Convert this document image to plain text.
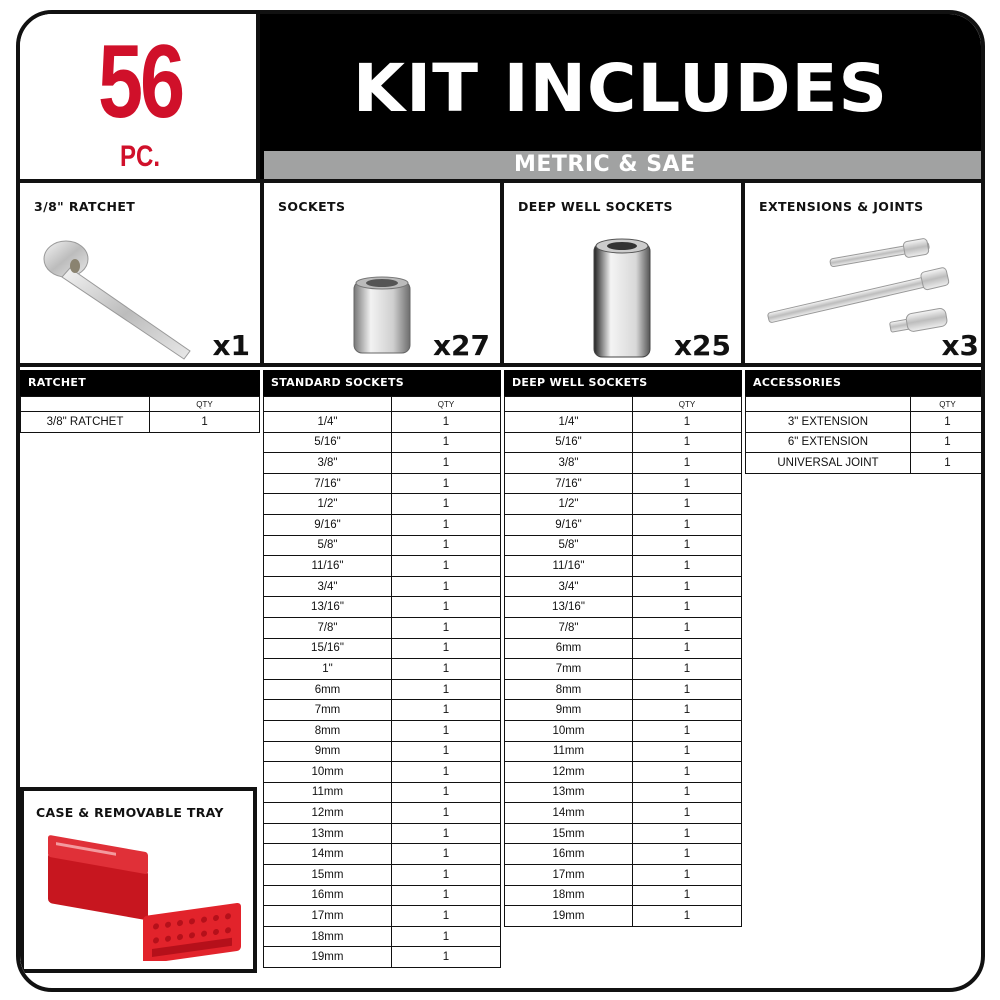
56
PC.
KIT INCLUDES
METRIC & SAE
3/8" RATCHET
x1
SOCKETS
x27
DEEP WELL SOCKETS
x25
EXTENSIONS & JOINTS
x3
RATCHET
	QTY
3/8" RATCHET	1
STANDARD SOCKETS
	QTY
1/4"	1
5/16"	1
3/8"	1
7/16"	1
1/2"	1
9/16"	1
5/8"	1
11/16"	1
3/4"	1
13/16"	1
7/8"	1
15/16"	1
1"	1
6mm	1
7mm	1
8mm	1
9mm	1
10mm	1
11mm	1
12mm	1
13mm	1
14mm	1
15mm	1
16mm	1
17mm	1
18mm	1
19mm	1
DEEP WELL SOCKETS
	QTY
1/4"	1
5/16"	1
3/8"	1
7/16"	1
1/2"	1
9/16"	1
5/8"	1
11/16"	1
3/4"	1
13/16"	1
7/8"	1
6mm	1
7mm	1
8mm	1
9mm	1
10mm	1
11mm	1
12mm	1
13mm	1
14mm	1
15mm	1
16mm	1
17mm	1
18mm	1
19mm	1
ACCESSORIES
	QTY
3" EXTENSION	1
6" EXTENSION	1
UNIVERSAL JOINT	1
CASE & REMOVABLE TRAY
